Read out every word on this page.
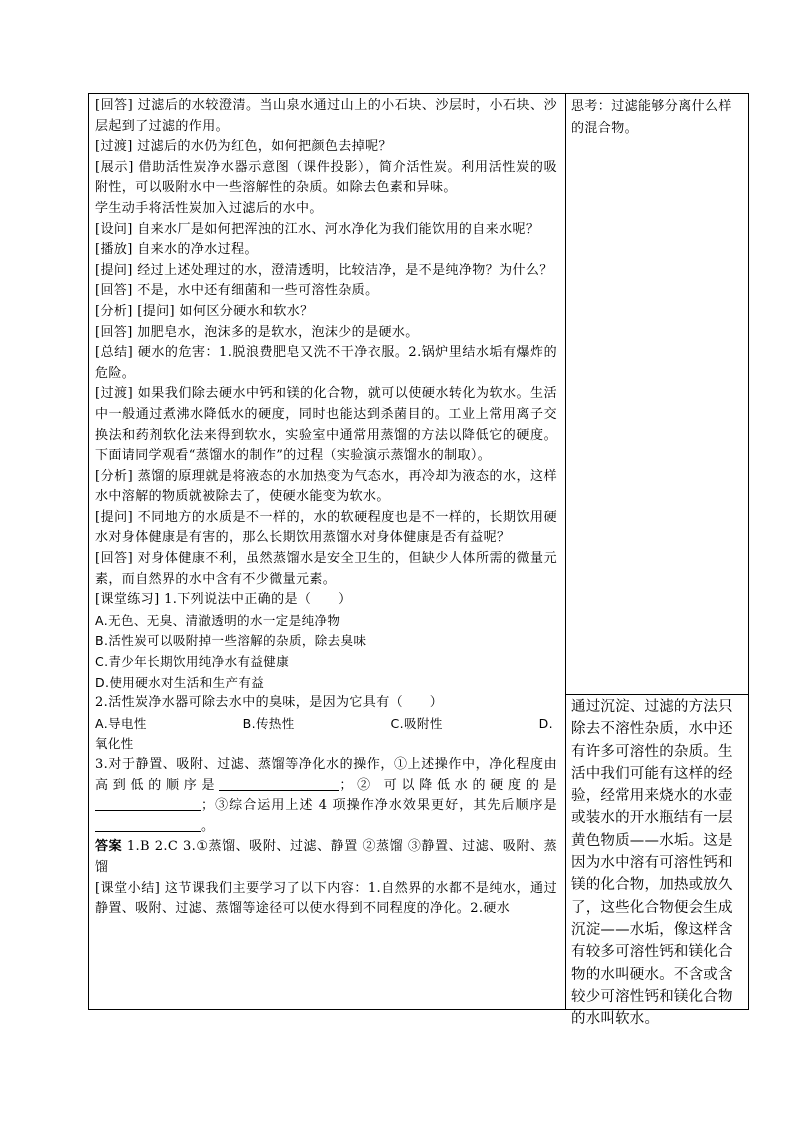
[回答] 过滤后的水较澄清。当山泉水通过山上的小石块、沙层时，小石块、沙层起到了过滤的作用。

[过渡] 过滤后的水仍为红色，如何把颜色去掉呢？

[展示] 借助活性炭净水器示意图（课件投影），简介活性炭。利用活性炭的吸附性，可以吸附水中一些溶解性的杂质。如除去色素和异味。

学生动手将活性炭加入过滤后的水中。

[设问] 自来水厂是如何把浑浊的江水、河水净化为我们能饮用的自来水呢？

[播放] 自来水的净水过程。

[提问] 经过上述处理过的水，澄清透明，比较洁净，是不是纯净物？为什么？

[回答] 不是，水中还有细菌和一些可溶性杂质。

[分析] [提问] 如何区分硬水和软水？

[回答] 加肥皂水，泡沫多的是软水，泡沫少的是硬水。

[总结] 硬水的危害：1.脱浪费肥皂又洗不干净衣服。2.锅炉里结水垢有爆炸的危险。

[过渡] 如果我们除去硬水中钙和镁的化合物，就可以使硬水转化为软水。生活中一般通过煮沸水降低水的硬度，同时也能达到杀菌目的。工业上常用离子交换法和药剂软化法来得到软水，实验室中通常用蒸馏的方法以降低它的硬度。下面请同学观看“蒸馏水的制作”的过程（实验演示蒸馏水的制取）。

[分析] 蒸馏的原理就是将液态的水加热变为气态水，再冷却为液态的水，这样水中溶解的物质就被除去了，使硬水能变为软水。

[提问] 不同地方的水质是不一样的，水的软硬程度也是不一样的，长期饮用硬水对身体健康是有害的，那么长期饮用蒸馏水对身体健康是否有益呢？

[回答] 对身体健康不利，虽然蒸馏水是安全卫生的，但缺少人体所需的微量元素，而自然界的水中含有不少微量元素。

[课堂练习] 1.下列说法中正确的是（　　）

A.无色、无臭、清澈透明的水一定是纯净物

B.活性炭可以吸附掉一些溶解的杂质，除去臭味

C.青少年长期饮用纯净水有益健康

D.使用硬水对生活和生产有益

2.活性炭净水器可除去水中的臭味，是因为它具有（　　）

A.导电性	B.传热性	C.吸附性	D.

氧化性

3.对于静置、吸附、过滤、蒸馏等净化水的操作，①上述操作中，净化程度由高到低的顺序是	；② 可以降低水的硬度的是；③综合运用上述 4 项操作净水效果更好，其先后顺序是。

答案 1.B 2.C 3.①蒸馏、吸附、过滤、静置 ②蒸馏 ③静置、过滤、吸附、蒸馏

[课堂小结] 这节课我们主要学习了以下内容：1.自然界的水都不是纯水，通过静置、吸附、过滤、蒸馏等途径可以使水得到不同程度的净化。2.硬水

思考：过滤能够分离什么样的混合物。

通过沉淀、过滤的方法只除去不溶性杂质，水中还有许多可溶性的杂质。生活中我们可能有这样的经验，经常用来烧水的水壶或装水的开水瓶结有一层黄色物质——水垢。这是因为水中溶有可溶性钙和镁的化合物，加热或放久了，这些化合物便会生成沉淀——水垢，像这样含有较多可溶性钙和镁化合物的水叫硬水。不含或含较少可溶性钙和镁化合物的水叫软水。
